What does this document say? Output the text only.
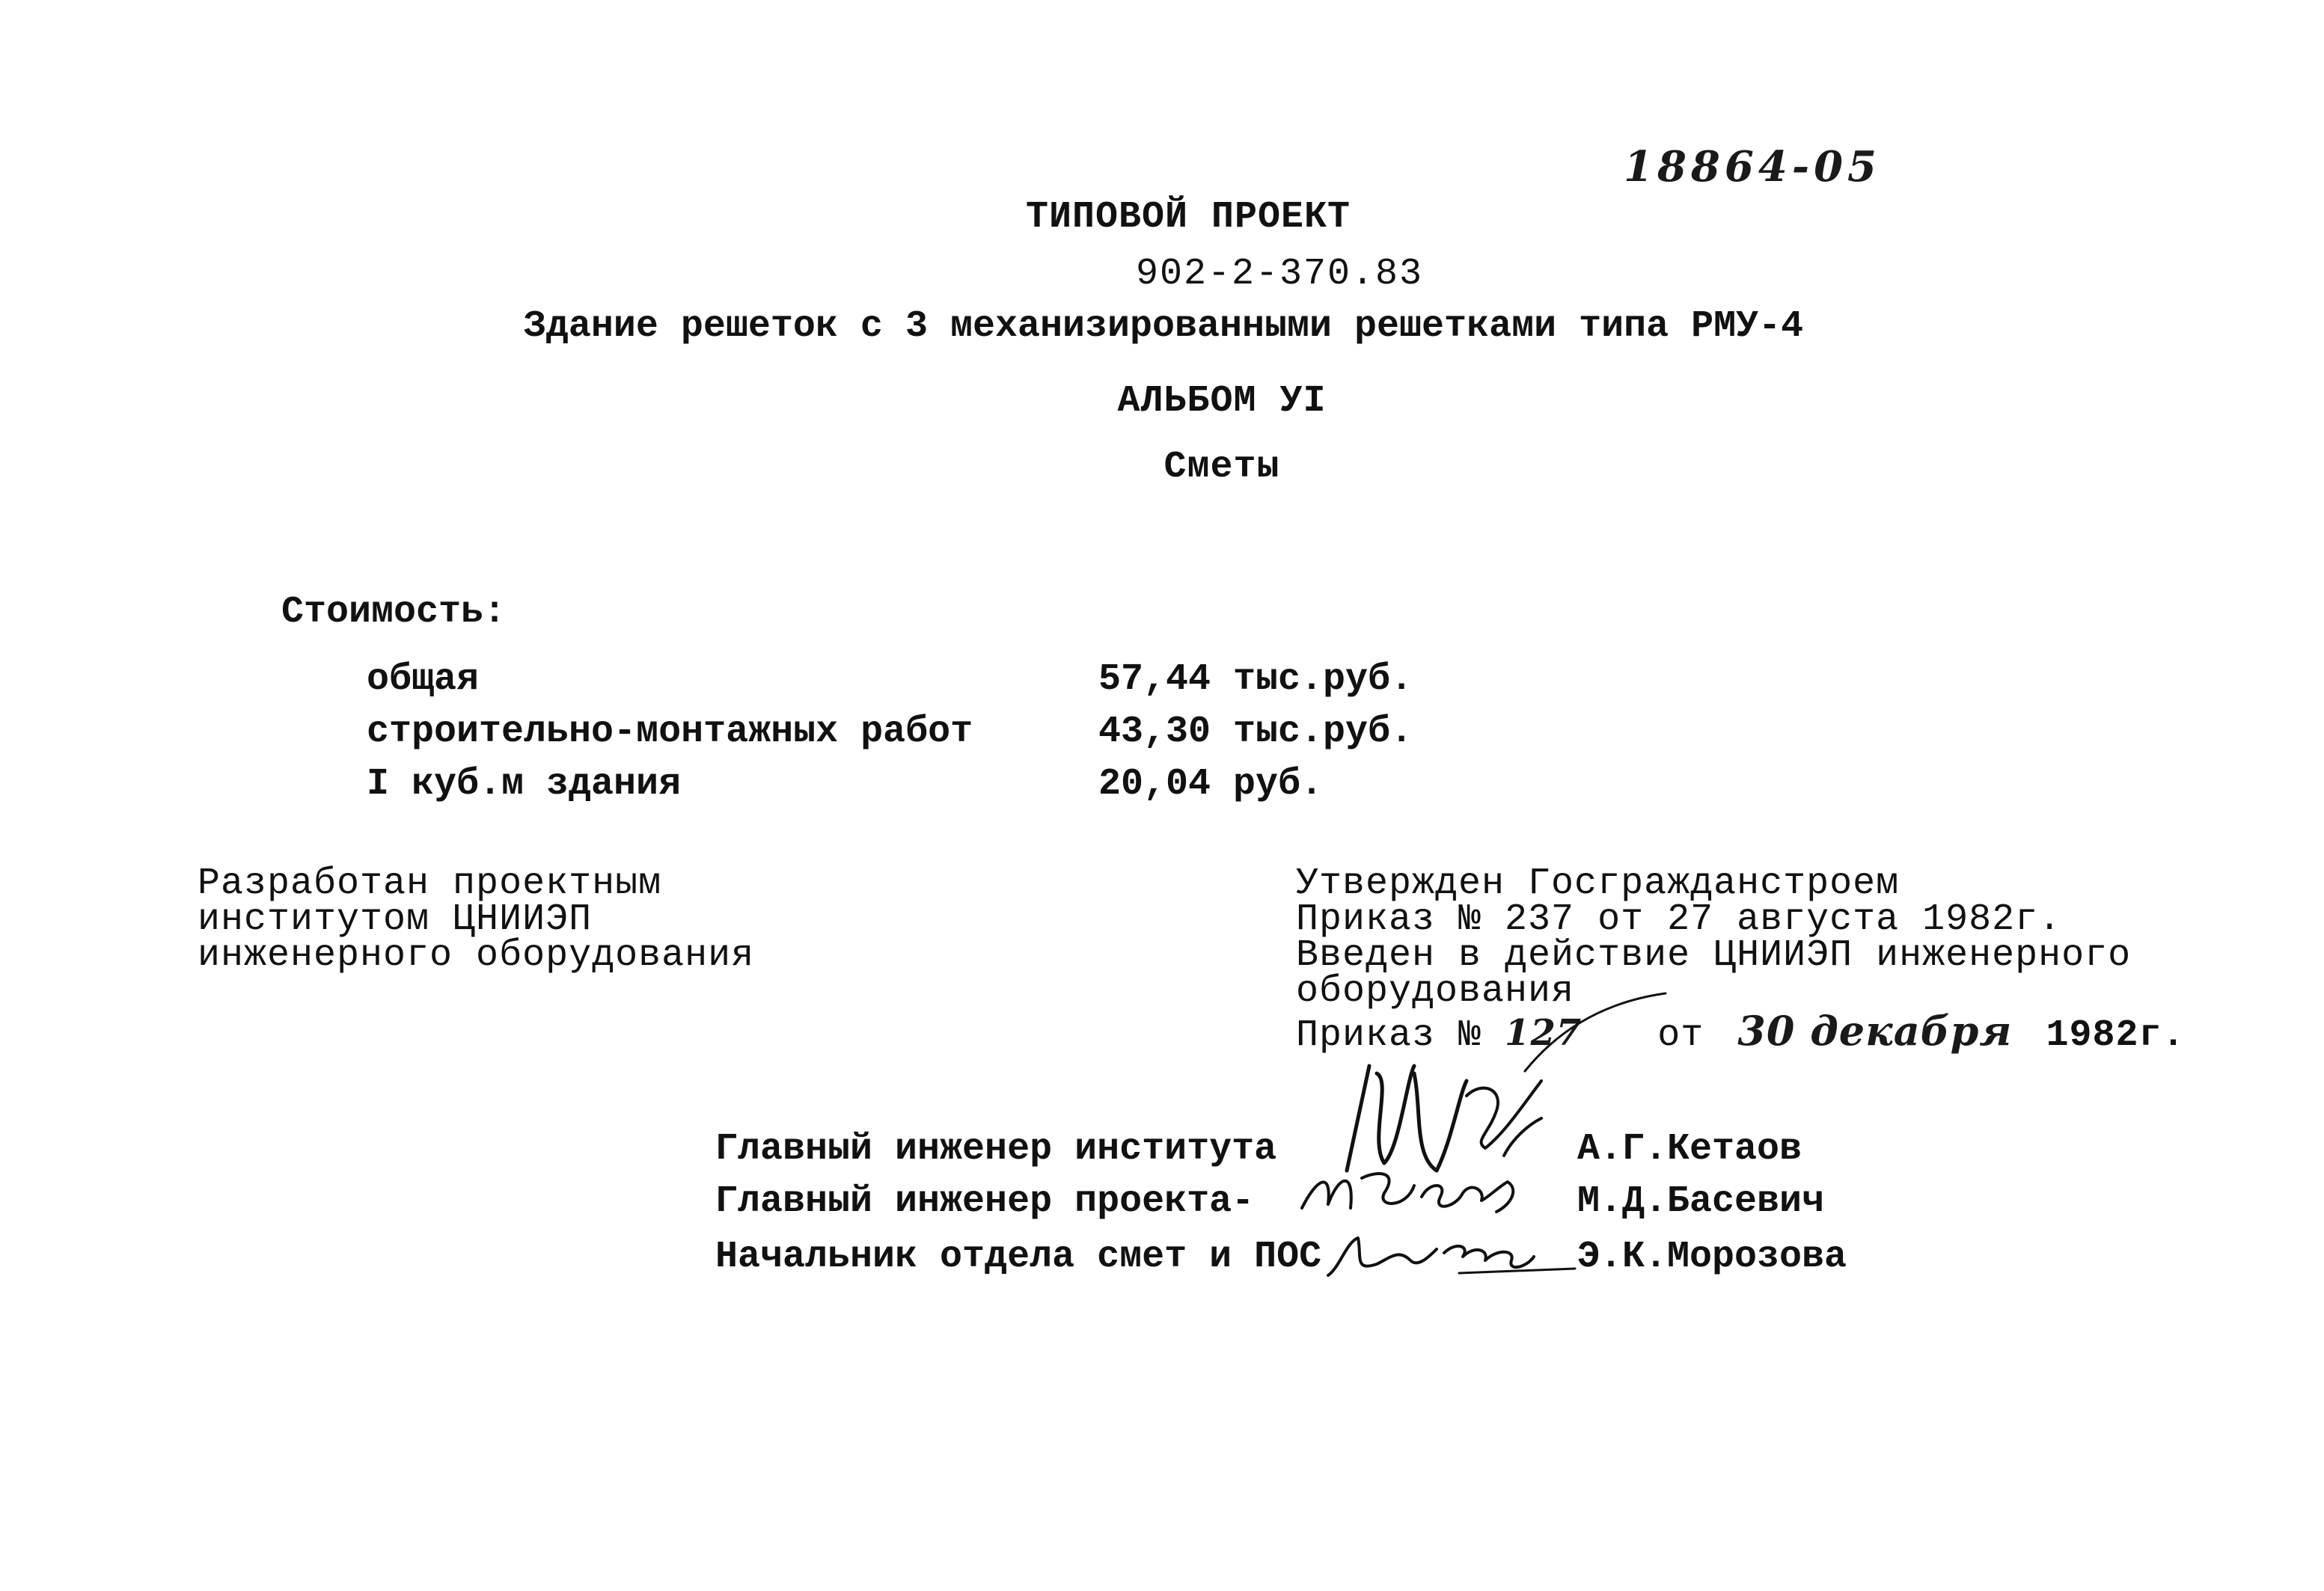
18864-05
ТИПОВОЙ ПРОЕКТ
902-2-370.83
Здание решеток с 3 механизированными решетками типа РМУ-4
АЛЬБОМ УI
Сметы
Стоимость:
общая	57,44 тыс.руб.
строительно-монтажных работ	43,30 тыс.руб.
I куб.м здания	20,04 руб.
Разработан проектным
институтом ЦНИИЭП
инженерного оборудования
Утвержден Госгражданстроем
Приказ № 237 от 27 августа 1982г.
Введен в действие ЦНИИЭП инженерного
оборудования
Приказ № 127 от 30 декабря 1982г.
Главный инженер института	А.Г.Кетаов
Главный инженер проекта-	М.Д.Басевич
Начальник отдела смет и ПОС	Э.К.Морозова
